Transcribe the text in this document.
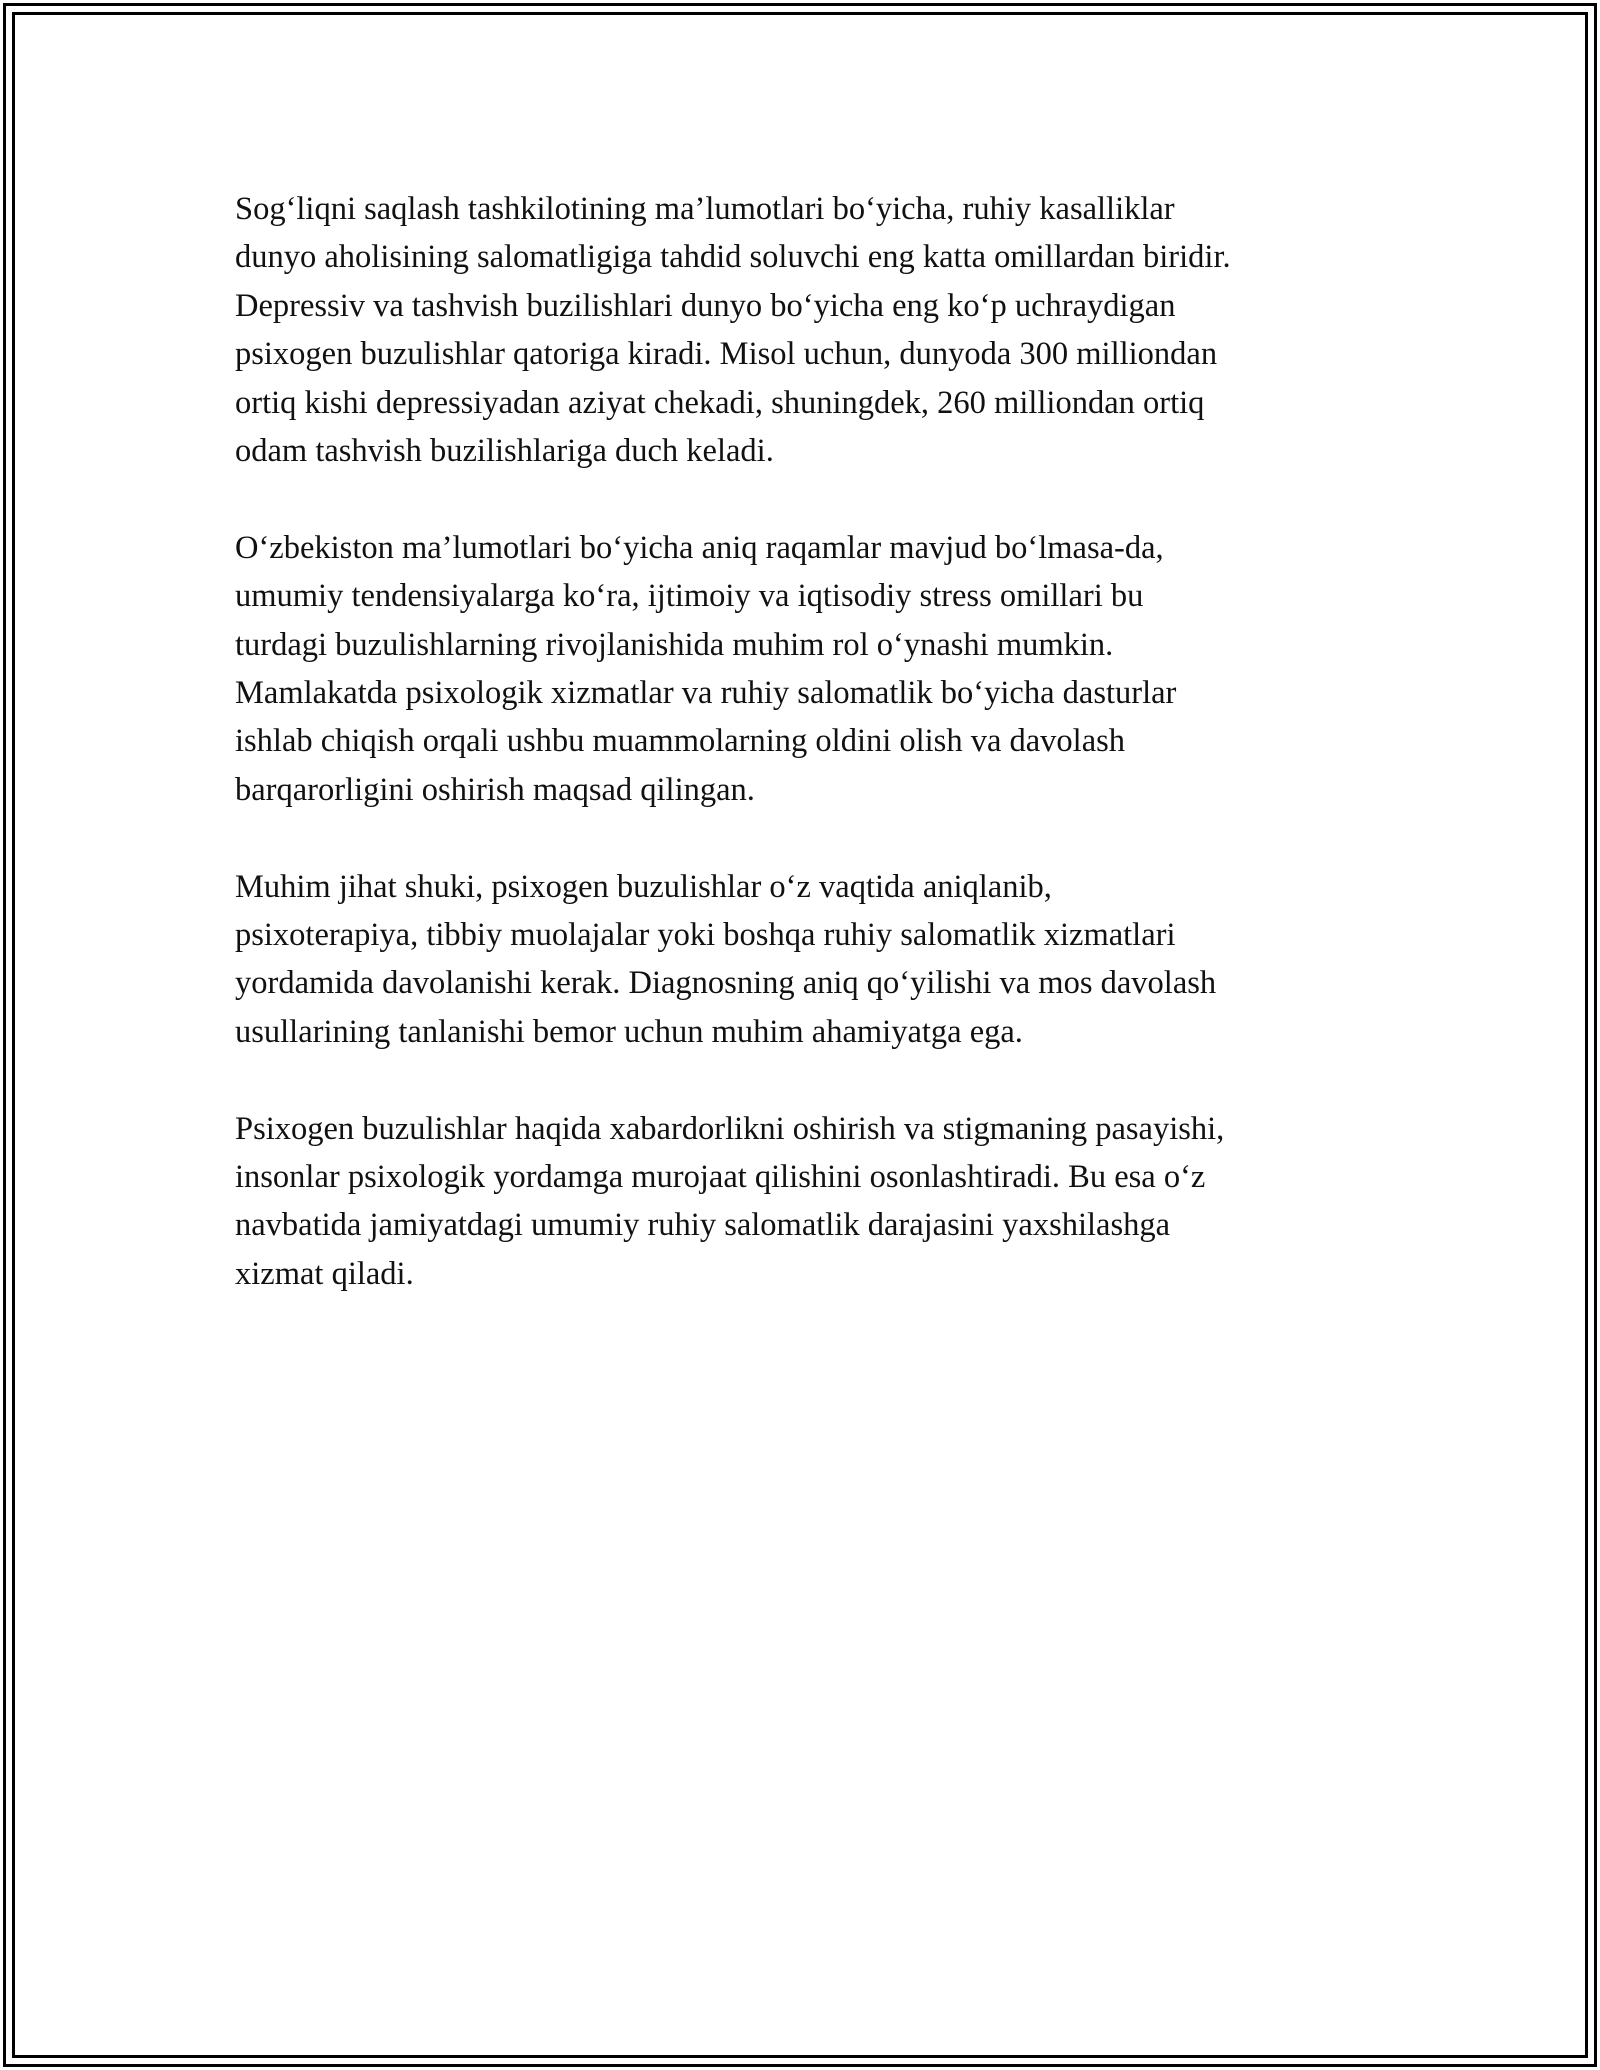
Sog‘liqni saqlash tashkilotining ma’lumotlari bo‘yicha, ruhiy kasalliklar
dunyo aholisining salomatligiga tahdid soluvchi eng katta omillardan biridir.
Depressiv va tashvish buzilishlari dunyo bo‘yicha eng ko‘p uchraydigan
psixogen buzulishlar qatoriga kiradi. Misol uchun, dunyoda 300 milliondan
ortiq kishi depressiyadan aziyat chekadi, shuningdek, 260 milliondan ortiq
odam tashvish buzilishlariga duch keladi.

O‘zbekiston ma’lumotlari bo‘yicha aniq raqamlar mavjud bo‘lmasa-da,
umumiy tendensiyalarga ko‘ra, ijtimoiy va iqtisodiy stress omillari bu
turdagi buzulishlarning rivojlanishida muhim rol o‘ynashi mumkin.
Mamlakatda psixologik xizmatlar va ruhiy salomatlik bo‘yicha dasturlar
ishlab chiqish orqali ushbu muammolarning oldini olish va davolash
barqarorligini oshirish maqsad qilingan.

Muhim jihat shuki, psixogen buzulishlar o‘z vaqtida aniqlanib,
psixoterapiya, tibbiy muolajalar yoki boshqa ruhiy salomatlik xizmatlari
yordamida davolanishi kerak. Diagnosning aniq qo‘yilishi va mos davolash
usullarining tanlanishi bemor uchun muhim ahamiyatga ega.

Psixogen buzulishlar haqida xabardorlikni oshirish va stigmaning pasayishi,
insonlar psixologik yordamga murojaat qilishini osonlashtiradi. Bu esa o‘z
navbatida jamiyatdagi umumiy ruhiy salomatlik darajasini yaxshilashga
xizmat qiladi.
